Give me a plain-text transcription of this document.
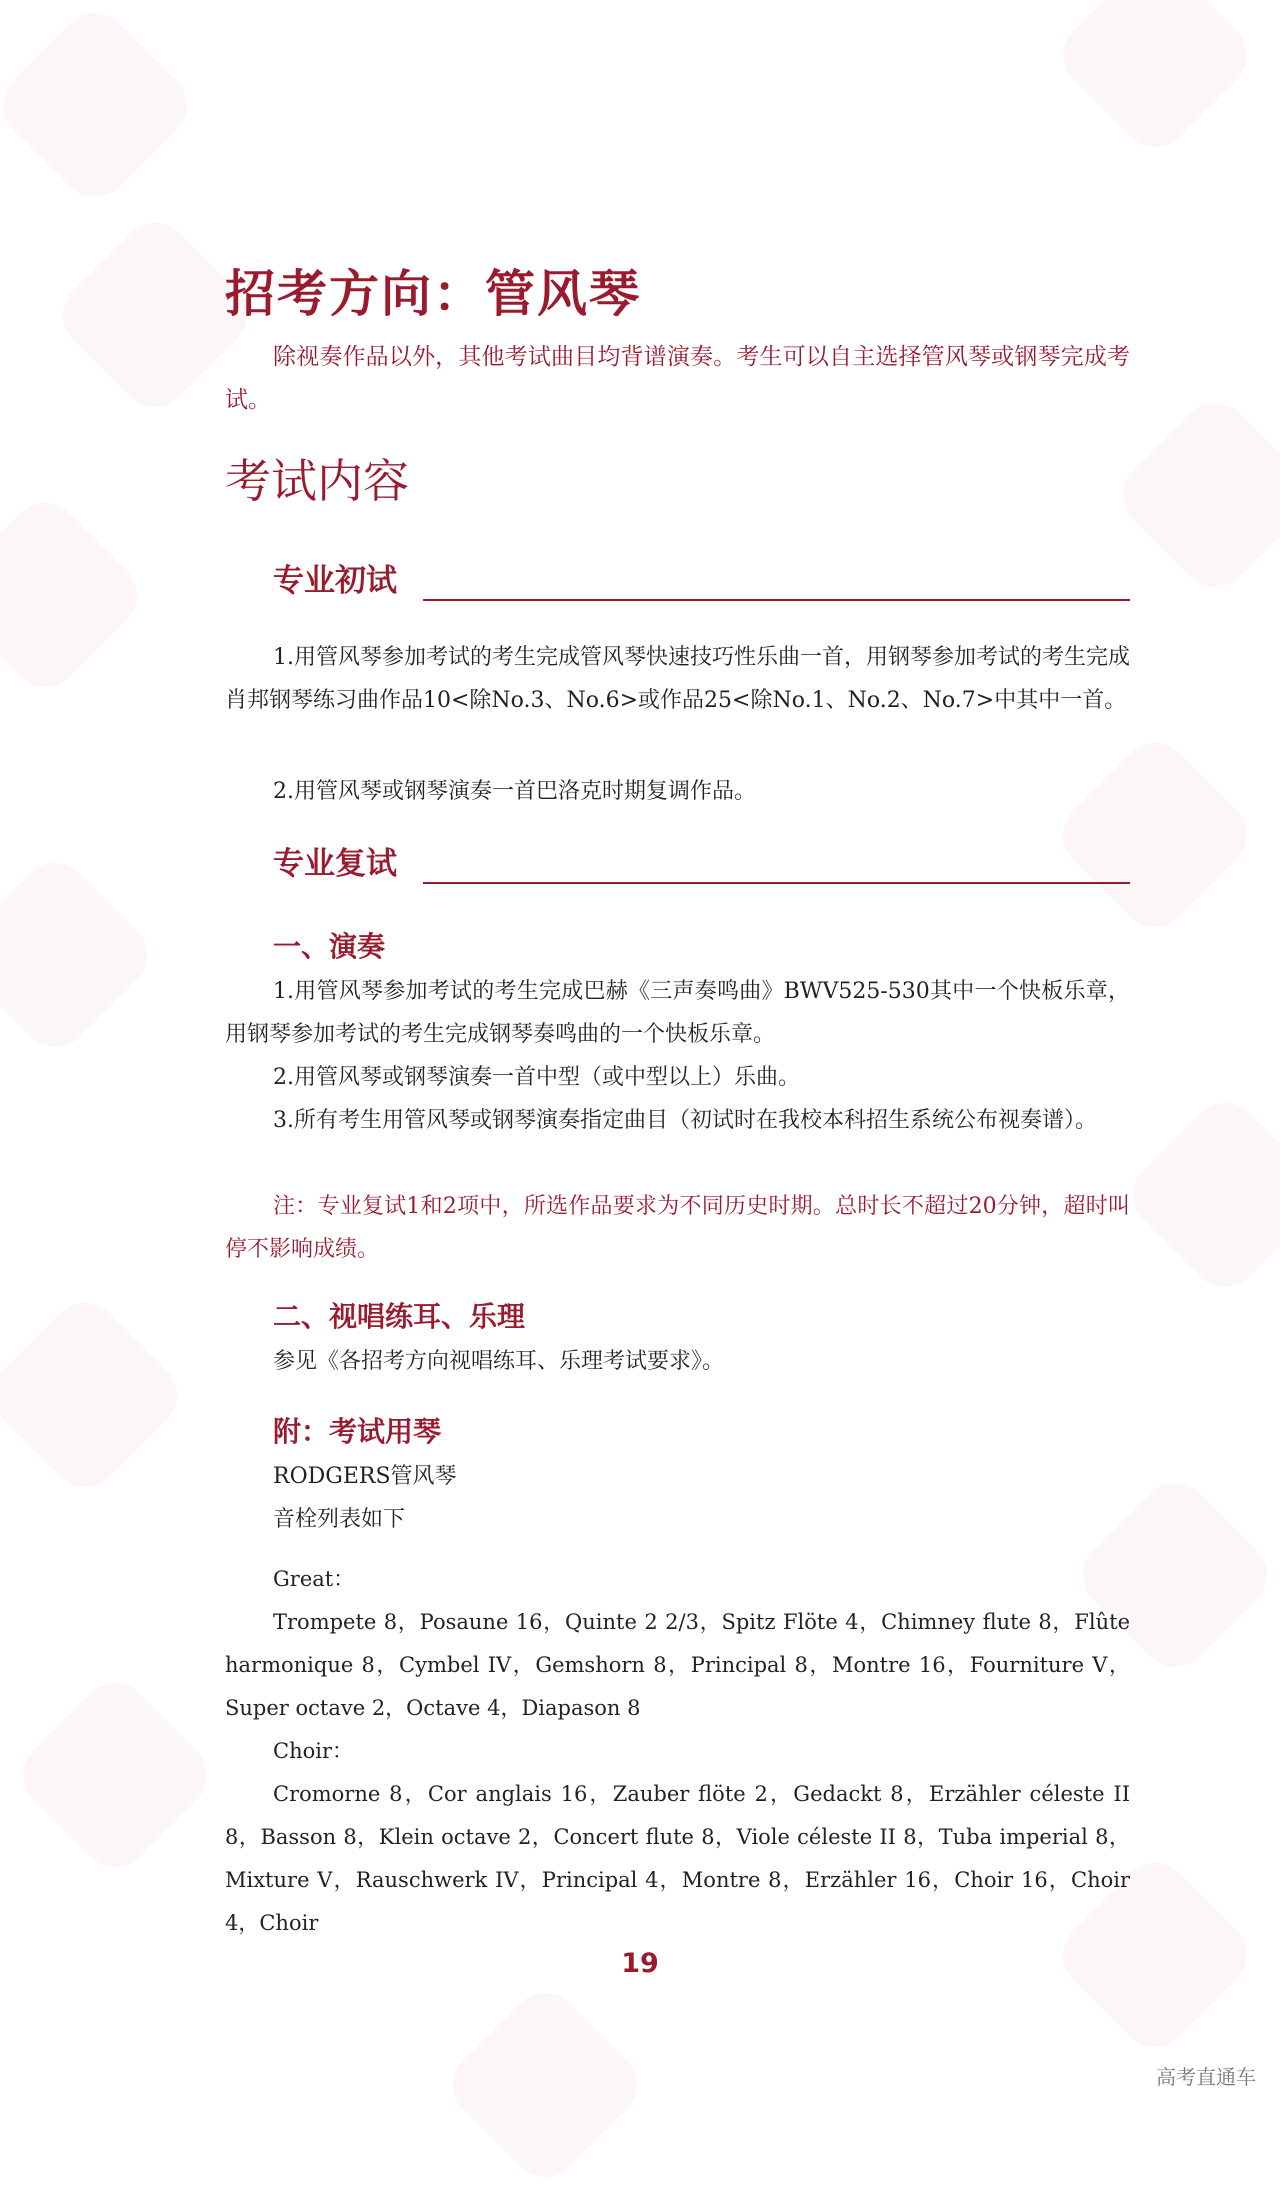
招考方向：管风琴

除视奏作品以外，其他考试曲目均背谱演奏。考生可以自主选择管风琴或钢琴完成考试。

考试内容
专业初试

1.用管风琴参加考试的考生完成管风琴快速技巧性乐曲一首，用钢琴参加考试的考生完成肖邦钢琴练习曲作品10<除No.3、No.6>或作品25<除No.1、No.2、No.7>中其中一首。

2.用管风琴或钢琴演奏一首巴洛克时期复调作品。

专业复试
一、演奏

1.用管风琴参加考试的考生完成巴赫《三声奏鸣曲》BWV525-530其中一个快板乐章，用钢琴参加考试的考生完成钢琴奏鸣曲的一个快板乐章。

2.用管风琴或钢琴演奏一首中型（或中型以上）乐曲。

3.所有考生用管风琴或钢琴演奏指定曲目（初试时在我校本科招生系统公布视奏谱）。

注：专业复试1和2项中，所选作品要求为不同历史时期。总时长不超过20分钟，超时叫停不影响成绩。

二、视唱练耳、乐理

参见《各招考方向视唱练耳、乐理考试要求》。

附：考试用琴

RODGERS管风琴

音栓列表如下

Great：

Trompete 8，Posaune 16，Quinte 2 2/3，Spitz Flöte 4，Chimney flute 8，Flûte harmonique 8，Cymbel IV，Gemshorn 8，Principal 8，Montre 16，Fourniture V，Super octave 2，Octave 4，Diapason 8

Choir：

Cromorne 8，Cor anglais 16，Zauber flöte 2，Gedackt 8，Erzähler céleste II 8，Basson 8，Klein octave 2，Concert flute 8，Viole céleste II 8，Tuba imperial 8，Mixture V，Rauschwerk IV，Principal 4，Montre 8，Erzähler 16，Choir 16，Choir 4，Choir

19
高考直通车
